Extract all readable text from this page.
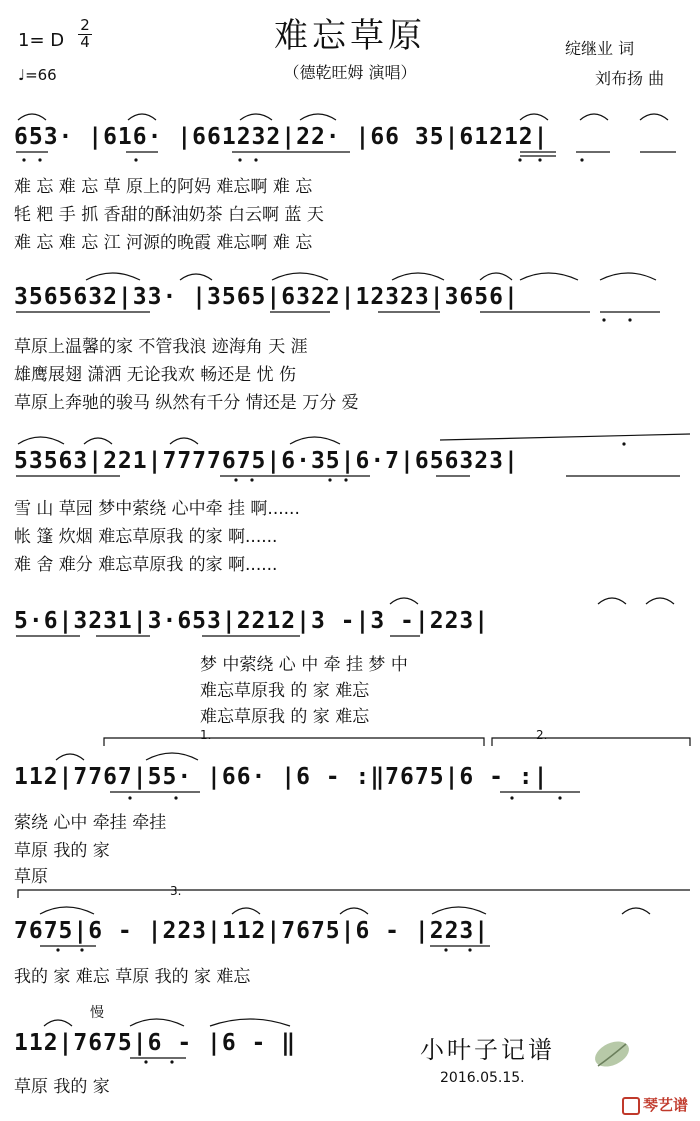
1= D
2
4
♩=66
难忘草原
（德乾旺姆 演唱）
绽继业 词
刘布扬 曲
653· |616· |661232|22· |66 35|61212|
难 忘 难 忘 草 原上的阿妈 难忘啊 难 忘
牦 粑 手 抓 香甜的酥油奶茶 白云啊 蓝 天
难 忘 难 忘 江 河源的晚霞 难忘啊 难 忘
3565632|33· |3565|6322|12323|3656|
草原上温馨的家 不管我浪 迹海角 天 涯
雄鹰展翅 潇洒 无论我欢 畅还是 忧 伤
草原上奔驰的骏马 纵然有千分 情还是 万分 爱
53563|221|7777675|6·35|6·7|656323|
雪 山 草园 梦中萦绕 心中牵 挂 啊......
帐 篷 炊烟 难忘草原我 的家 啊......
难 舍 难分 难忘草原我 的家 啊......
5·6|3231|3·653|2212|3 -|3 -|223|
梦 中萦绕 心 中 牵 挂 梦 中
难忘草原我 的 家 难忘
难忘草原我 的 家 难忘
1.	2.
112|7767|55· |66· |6 - :‖7675|6 - :|
萦绕 心中 牵挂 牵挂
草原 我的 家
草原
3.
7675|6 - |223|112|7675|6 - |223|
我的 家 难忘 草原 我的 家 难忘
慢
112|7675|6 - |6 - ‖
草原 我的 家
小叶子记谱
2016.05.15.
琴艺谱
